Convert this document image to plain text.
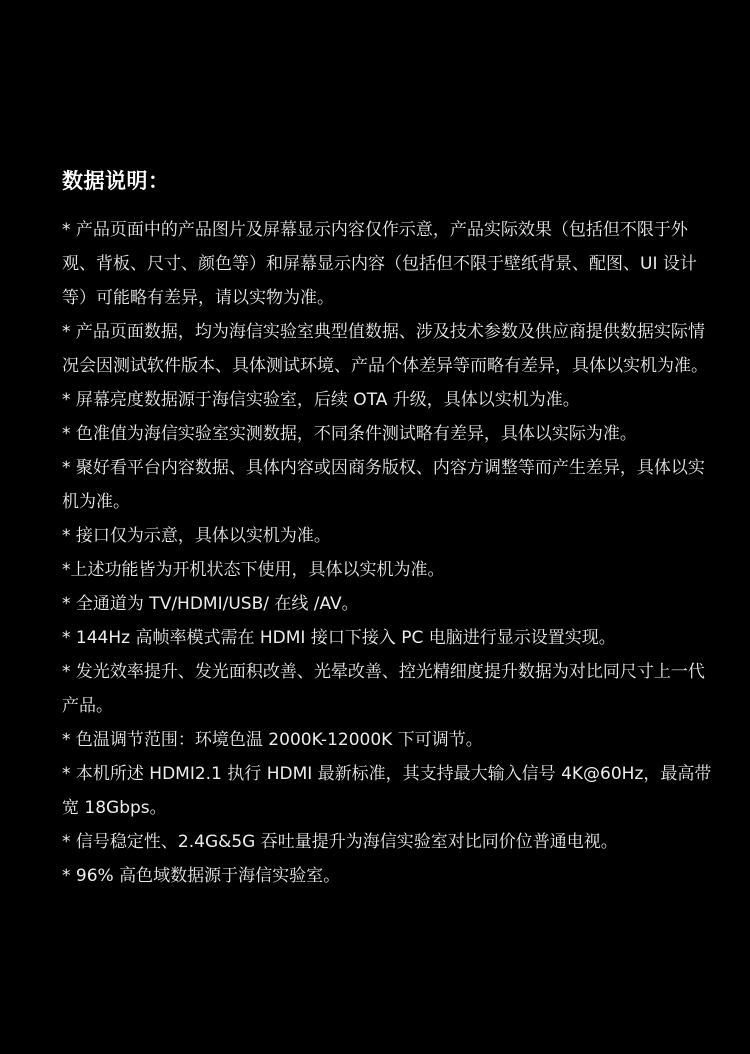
数据说明：
* 产品页面中的产品图片及屏幕显示内容仅作示意，产品实际效果（包括但不限于外观、背板、尺寸、颜色等）和屏幕显示内容（包括但不限于壁纸背景、配图、UI 设计等）可能略有差异，请以实物为准。
* 产品页面数据，均为海信实验室典型值数据、涉及技术参数及供应商提供数据实际情况会因测试软件版本、具体测试环境、产品个体差异等而略有差异，具体以实机为准。
* 屏幕亮度数据源于海信实验室，后续 OTA 升级，具体以实机为准。
* 色准值为海信实验室实测数据，不同条件测试略有差异，具体以实际为准。
* 聚好看平台内容数据、具体内容或因商务版权、内容方调整等而产生差异，具体以实机为准。
* 接口仅为示意，具体以实机为准。
*上述功能皆为开机状态下使用，具体以实机为准。
* 全通道为 TV/HDMI/USB/ 在线 /AV。
* 144Hz 高帧率模式需在 HDMI 接口下接入 PC 电脑进行显示设置实现。
* 发光效率提升、发光面积改善、光晕改善、控光精细度提升数据为对比同尺寸上一代产品。
* 色温调节范围：环境色温 2000K-12000K 下可调节。
* 本机所述 HDMI2.1 执行 HDMI 最新标准，其支持最大输入信号 4K@60Hz，最高带宽 18Gbps。
* 信号稳定性、2.4G&5G 吞吐量提升为海信实验室对比同价位普通电视。
* 96% 高色域数据源于海信实验室。
